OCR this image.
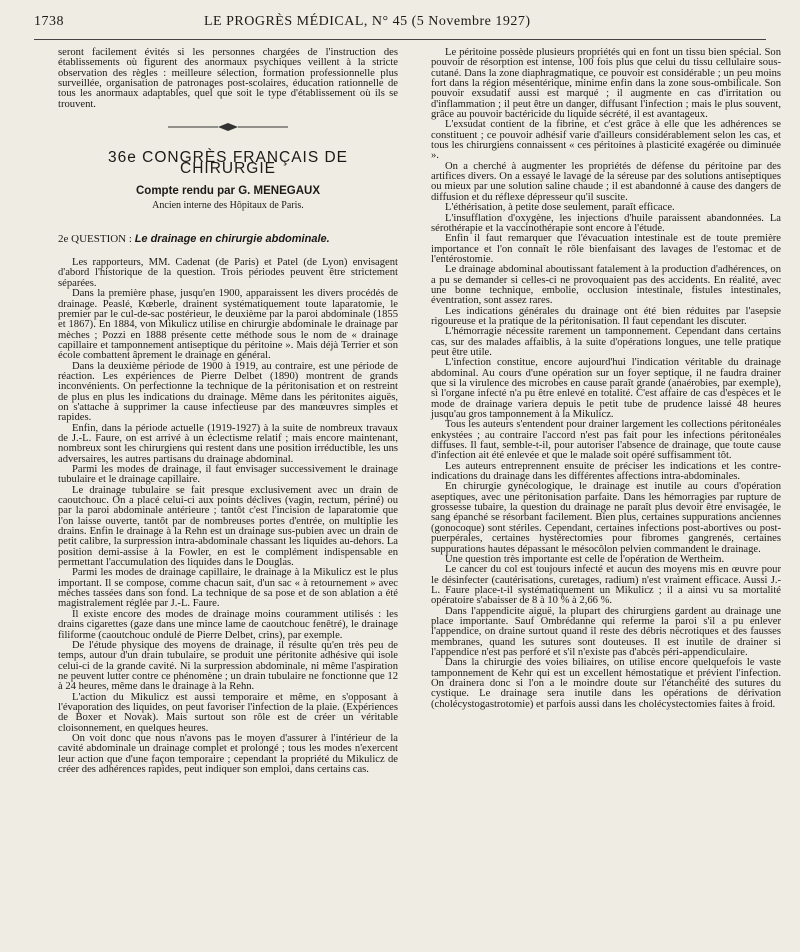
1738	LE PROGRÈS MÉDICAL, N° 45 (5 Novembre 1927)

seront facilement évités si les personnes chargées de l'instruction des établissements où figurent des anormaux psychiques veillent à la stricte observation des règles : meilleure sélection, formation professionnelle plus surveillée, organisation de patronages post-scolaires, éducation rationnelle de tous les anormaux adaptables, quel que soit le type d'établissement où ils se trouvent.

36e CONGRÈS FRANÇAIS DE CHIRURGIE
Compte rendu par G. MENEGAUX
Ancien interne des Hôpitaux de Paris.
2e QUESTION : Le drainage en chirurgie abdominale.

Les rapporteurs, MM. Cadenat (de Paris) et Patel (de Lyon) envisagent d'abord l'historique de la question. Trois périodes peuvent être strictement séparées.

Dans la première phase, jusqu'en 1900, apparaissent les divers procédés de drainage. Peaslé, Kœberle, drainent systématiquement toute laparatomie, le premier par le cul-de-sac postérieur, le deuxième par la paroi abdominale (1855 et 1867). En 1884, von Mikulicz utilise en chirurgie abdominale le drainage par mèches ; Pozzi en 1888 présente cette méthode sous le nom de « drainage capillaire et tamponnement antiseptique du péritoine ». Mais déjà Terrier et son école combattent âprement le drainage en général.

Dans la deuxième période de 1900 à 1919, au contraire, est une période de réaction. Les expériences de Pierre Delbet (1890) montrent de grands inconvénients. On perfectionne la technique de la péritonisation et on restreint de plus en plus les indications du drainage. Même dans les péritonites aiguës, on s'attache à supprimer la cause infectieuse par des manœuvres simples et rapides.

Enfin, dans la période actuelle (1919-1927) à la suite de nombreux travaux de J.-L. Faure, on est arrivé à un éclectisme relatif ; mais encore maintenant, nombreux sont les chirurgiens qui restent dans une position irréductible, les uns adversaires, les autres partisans du drainage abdominal.

Parmi les modes de drainage, il faut envisager successivement le drainage tubulaire et le drainage capillaire.

Le drainage tubulaire se fait presque exclusivement avec un drain de caoutchouc. On a placé celui-ci aux points déclives (vagin, rectum, périné) ou par la paroi abdominale antérieure ; tantôt c'est l'incision de laparatomie que l'on laisse ouverte, tantôt par de nombreuses portes d'entrée, on multiplie les drains. Enfin le drainage à la Rehn est un drainage sus-pubien avec un drain de petit calibre, la surpression intra-abdominale chassant les liquides au-dehors. La position demi-assise à la Fowler, en est le complément indispensable en permettant l'accumulation des liquides dans le Douglas.

Parmi les modes de drainage capillaire, le drainage à la Mikulicz est le plus important. Il se compose, comme chacun sait, d'un sac « à retournement » avec mèches tassées dans son fond. La technique de sa pose et de son ablation a été magistralement réglée par J.-L. Faure.

Il existe encore des modes de drainage moins couramment utilisés : les drains cigarettes (gaze dans une mince lame de caoutchouc fenêtré), le drainage filiforme (caoutchouc ondulé de Pierre Delbet, crins), par exemple.

De l'étude physique des moyens de drainage, il résulte qu'en très peu de temps, autour d'un drain tubulaire, se produit une péritonite adhésive qui isole celui-ci de la grande cavité. Ni la surpression abdominale, ni même l'aspiration ne peuvent lutter contre ce phénomène ; un drain tubulaire ne fonctionne que 12 à 24 heures, même dans le drainage à la Rehn.

L'action du Mikulicz est aussi temporaire et même, en s'opposant à l'évaporation des liquides, on peut favoriser l'infection de la plaie. (Expériences de Boxer et Novak). Mais surtout son rôle est de créer un véritable cloisonnement, en quelques heures.

On voit donc que nous n'avons pas le moyen d'assurer à l'intérieur de la cavité abdominale un drainage complet et prolongé ; tous les modes n'exercent leur action que d'une façon temporaire ; cependant la propriété du Mikulicz de créer des adhérences rapides, peut indiquer son emploi, dans certains cas.

Le péritoine possède plusieurs propriétés qui en font un tissu bien spécial. Son pouvoir de résorption est intense, 100 fois plus que celui du tissu cellulaire sous-cutané. Dans la zone diaphragmatique, ce pouvoir est considérable ; un peu moins fort dans la région mésentérique, minime enfin dans la zone sous-ombilicale. Son pouvoir exsudatif aussi est marqué ; il augmente en cas d'irritation ou d'inflammation ; il peut être un danger, diffusant l'infection ; mais le plus souvent, grâce au pouvoir bactéricide du liquide sécrété, il est avantageux.

L'exsudat contient de la fibrine, et c'est grâce à elle que les adhérences se constituent ; ce pouvoir adhésif varie d'ailleurs considérablement selon les cas, et tous les chirurgiens connaissent « ces péritoines à plasticité exagérée ou diminuée ».

On a cherché à augmenter les propriétés de défense du péritoine par des artifices divers. On a essayé le lavage de la séreuse par des solutions antiseptiques ou mieux par une solution saline chaude ; il est abandonné à cause des dangers de diffusion et du réflexe dépresseur qu'il suscite.

L'éthérisation, à petite dose seulement, paraît efficace.

L'insufflation d'oxygène, les injections d'huile paraissent abandonnées. La sérothérapie et la vaccinothérapie sont encore à l'étude.

Enfin il faut remarquer que l'évacuation intestinale est de toute première importance et l'on connaît le rôle bienfaisant des lavages de l'estomac et de l'entérostomie.

Le drainage abdominal aboutissant fatalement à la production d'adhérences, on a pu se demander si celles-ci ne provoquaient pas des accidents. En réalité, avec une bonne technique, embolie, occlusion intestinale, fistules intestinales, éventration, sont assez rares.

Les indications générales du drainage ont été bien réduites par l'asepsie rigoureuse et la pratique de la péritonisation. Il faut cependant les discuter.

L'hémorragie nécessite rarement un tamponnement. Cependant dans certains cas, sur des malades affaiblis, à la suite d'opérations longues, une telle pratique peut être utile.

L'infection constitue, encore aujourd'hui l'indication véritable du drainage abdominal. Au cours d'une opération sur un foyer septique, il ne faudra drainer que si la virulence des microbes en cause paraît grande (anaérobies, par exemple), si l'organe infecté n'a pu être enlevé en totalité. C'est affaire de cas d'espèces et le mode de drainage variera depuis le petit tube de prudence laissé 48 heures jusqu'au gros tamponnement à la Mikulicz.

Tous les auteurs s'entendent pour drainer largement les collections péritonéales enkystées ; au contraire l'accord n'est pas fait pour les infections péritonéales diffuses. Il faut, semble-t-il, pour autoriser l'absence de drainage, que toute cause d'infection ait été enlevée et que le malade soit opéré suffisamment tôt.

Les auteurs entreprennent ensuite de préciser les indications et les contre-indications du drainage dans les différentes affections intra-abdominales.

En chirurgie gynécologique, le drainage est inutile au cours d'opération aseptiques, avec une péritonisation parfaite. Dans les hémorragies par rupture de grossesse tubaire, la question du drainage ne paraît plus devoir être envisagée, le sang épanché se résorbant facilement. Bien plus, certaines suppurations anciennes (gonocoque) sont stériles. Cependant, certaines infections post-abortives ou post-puerpérales, certaines hystérectomies pour fibromes gangrenés, certaines suppurations hautes dépassant le mésocôlon pelvien commandent le drainage.

Une question très importante est celle de l'opération de Wertheim.

Le cancer du col est toujours infecté et aucun des moyens mis en œuvre pour le désinfecter (cautérisations, curetages, radium) n'est vraiment efficace. Aussi J.-L. Faure place-t-il systématiquement un Mikulicz ; il a ainsi vu sa mortalité opératoire s'abaisser de 8 à 10 % à 2,66 %.

Dans l'appendicite aiguë, la plupart des chirurgiens gardent au drainage une place importante. Sauf Ombrédanne qui referme la paroi s'il a pu enlever l'appendice, on draine surtout quand il reste des débris nécrotiques et des fausses membranes, quand les sutures sont douteuses. Il est inutile de drainer si l'appendice n'est pas perforé et s'il n'existe pas d'abcès péri-appendiculaire.

Dans la chirurgie des voies biliaires, on utilise encore quelquefois le vaste tamponnement de Kehr qui est un excellent hémostatique et prévient l'infection. On drainera donc si l'on a le moindre doute sur l'étanchéité des sutures du cystique. Le drainage sera inutile dans les opérations de dérivation (cholécystogastrotomie) et parfois aussi dans les cholécystectomies faites à froid.
